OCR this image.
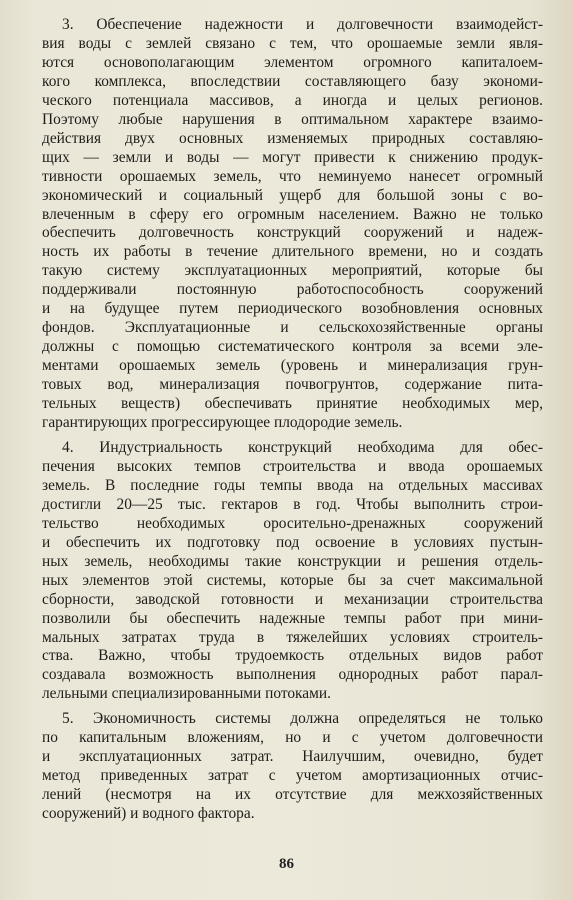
3. Обеспечение надежности и долговечности взаимодейст-
вия воды с землей связано с тем, что орошаемые земли явля-
ются основополагающим элементом огромного капиталоем-
кого комплекса, впоследствии составляющего базу экономи-
ческого потенциала массивов, а иногда и целых регионов.
Поэтому любые нарушения в оптимальном характере взаимо-
действия двух основных изменяемых природных составляю-
щих — земли и воды — могут привести к снижению продук-
тивности орошаемых земель, что неминуемо нанесет огромный
экономический и социальный ущерб для большой зоны с во-
влеченным в сферу его огромным населением. Важно не только
обеспечить долговечность конструкций сооружений и надеж-
ность их работы в течение длительного времени, но и создать
такую систему эксплуатационных мероприятий, которые бы
поддерживали постоянную работоспособность сооружений
и на будущее путем периодического возобновления основных
фондов. Эксплуатационные и сельскохозяйственные органы
должны с помощью систематического контроля за всеми эле-
ментами орошаемых земель (уровень и минерализация грун-
товых вод, минерализация почвогрунтов, содержание пита-
тельных веществ) обеспечивать принятие необходимых мер,
гарантирующих прогрессирующее плодородие земель.
4. Индустриальность конструкций необходима для обес-
печения высоких темпов строительства и ввода орошаемых
земель. В последние годы темпы ввода на отдельных массивах
достигли 20—25 тыс. гектаров в год. Чтобы выполнить строи-
тельство необходимых оросительно-дренажных сооружений
и обеспечить их подготовку под освоение в условиях пустын-
ных земель, необходимы такие конструкции и решения отдель-
ных элементов этой системы, которые бы за счет максимальной
сборности, заводской готовности и механизации строительства
позволили бы обеспечить надежные темпы работ при мини-
мальных затратах труда в тяжелейших условиях строитель-
ства. Важно, чтобы трудоемкость отдельных видов работ
создавала возможность выполнения однородных работ парал-
лельными специализированными потоками.
5. Экономичность системы должна определяться не только
по капитальным вложениям, но и с учетом долговечности
и эксплуатационных затрат. Наилучшим, очевидно, будет
метод приведенных затрат с учетом амортизационных отчис-
лений (несмотря на их отсутствие для межхозяйственных
сооружений) и водного фактора.
86
